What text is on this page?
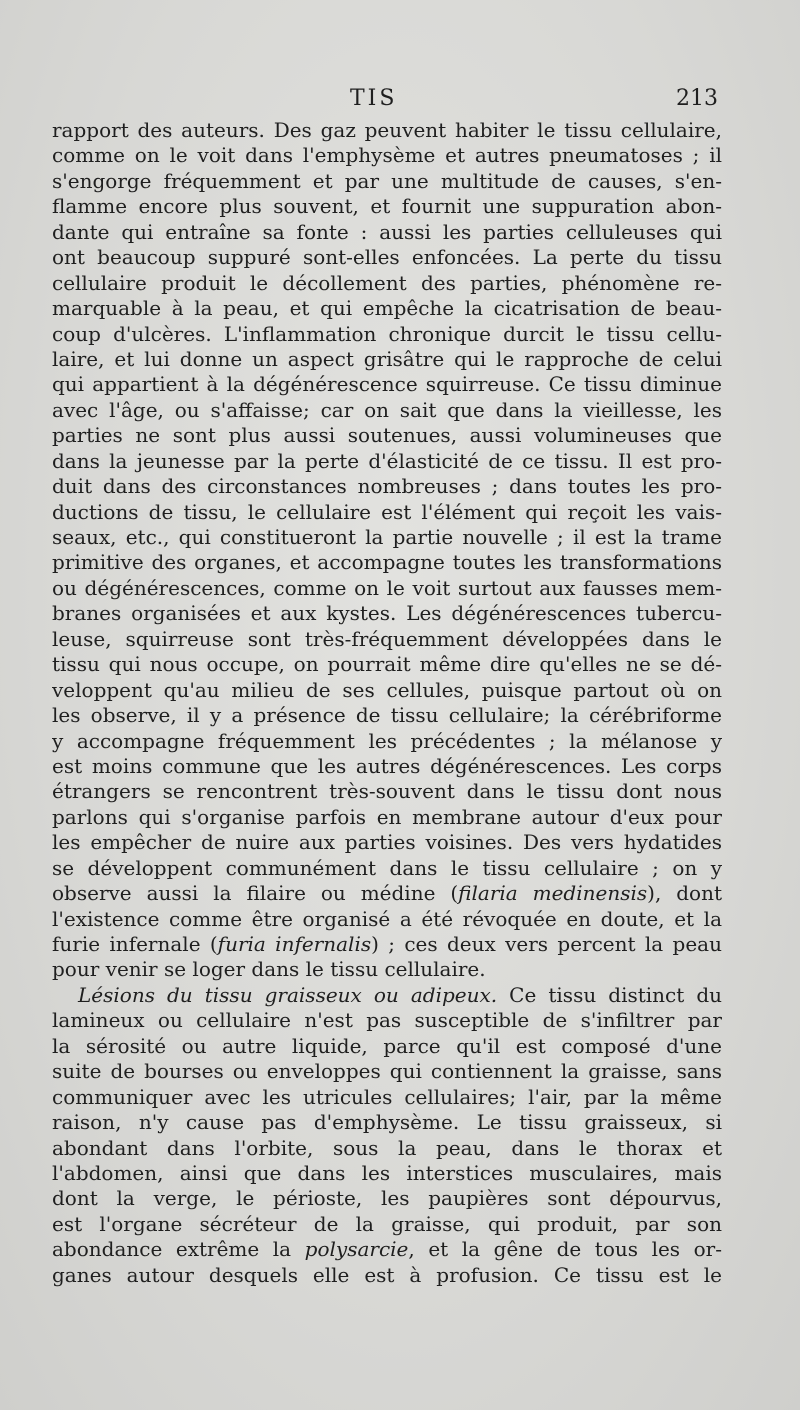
TIS	213
rapport des auteurs. Des gaz peuvent habiter le tissu cellulaire,
comme on le voit dans l'emphysème et autres pneumatoses ; il
s'engorge fréquemment et par une multitude de causes, s'en-
flamme encore plus souvent, et fournit une suppuration abon-
dante qui entraîne sa fonte : aussi les parties celluleuses qui
ont beaucoup suppuré sont-elles enfoncées. La perte du tissu
cellulaire produit le décollement des parties, phénomène re-
marquable à la peau, et qui empêche la cicatrisation de beau-
coup d'ulcères. L'inflammation chronique durcit le tissu cellu-
laire, et lui donne un aspect grisâtre qui le rapproche de celui
qui appartient à la dégénérescence squirreuse. Ce tissu diminue
avec l'âge, ou s'affaisse; car on sait que dans la vieillesse, les
parties ne sont plus aussi soutenues, aussi volumineuses que
dans la jeunesse par la perte d'élasticité de ce tissu. Il est pro-
duit dans des circonstances nombreuses ; dans toutes les pro-
ductions de tissu, le cellulaire est l'élément qui reçoit les vais-
seaux, etc., qui constitueront la partie nouvelle ; il est la trame
primitive des organes, et accompagne toutes les transformations
ou dégénérescences, comme on le voit surtout aux fausses mem-
branes organisées et aux kystes. Les dégénérescences tubercu-
leuse, squirreuse sont très-fréquemment développées dans le
tissu qui nous occupe, on pourrait même dire qu'elles ne se dé-
veloppent qu'au milieu de ses cellules, puisque partout où on
les observe, il y a présence de tissu cellulaire; la cérébriforme
y accompagne fréquemment les précédentes ; la mélanose y
est moins commune que les autres dégénérescences. Les corps
étrangers se rencontrent très-souvent dans le tissu dont nous
parlons qui s'organise parfois en membrane autour d'eux pour
les empêcher de nuire aux parties voisines. Des vers hydatides
se développent communément dans le tissu cellulaire ; on y
observe aussi la filaire ou médine (filaria medinensis), dont
l'existence comme être organisé a été révoquée en doute, et la
furie infernale (furia infernalis) ; ces deux vers percent la peau
pour venir se loger dans le tissu cellulaire.
Lésions du tissu graisseux ou adipeux. Ce tissu distinct du
lamineux ou cellulaire n'est pas susceptible de s'infiltrer par
la sérosité ou autre liquide, parce qu'il est composé d'une
suite de bourses ou enveloppes qui contiennent la graisse, sans
communiquer avec les utricules cellulaires; l'air, par la même
raison, n'y cause pas d'emphysème. Le tissu graisseux, si
abondant dans l'orbite, sous la peau, dans le thorax et
l'abdomen, ainsi que dans les interstices musculaires, mais
dont la verge, le périoste, les paupières sont dépourvus,
est l'organe sécréteur de la graisse, qui produit, par son
abondance extrême la polysarcie, et la gêne de tous les or-
ganes autour desquels elle est à profusion. Ce tissu est le
